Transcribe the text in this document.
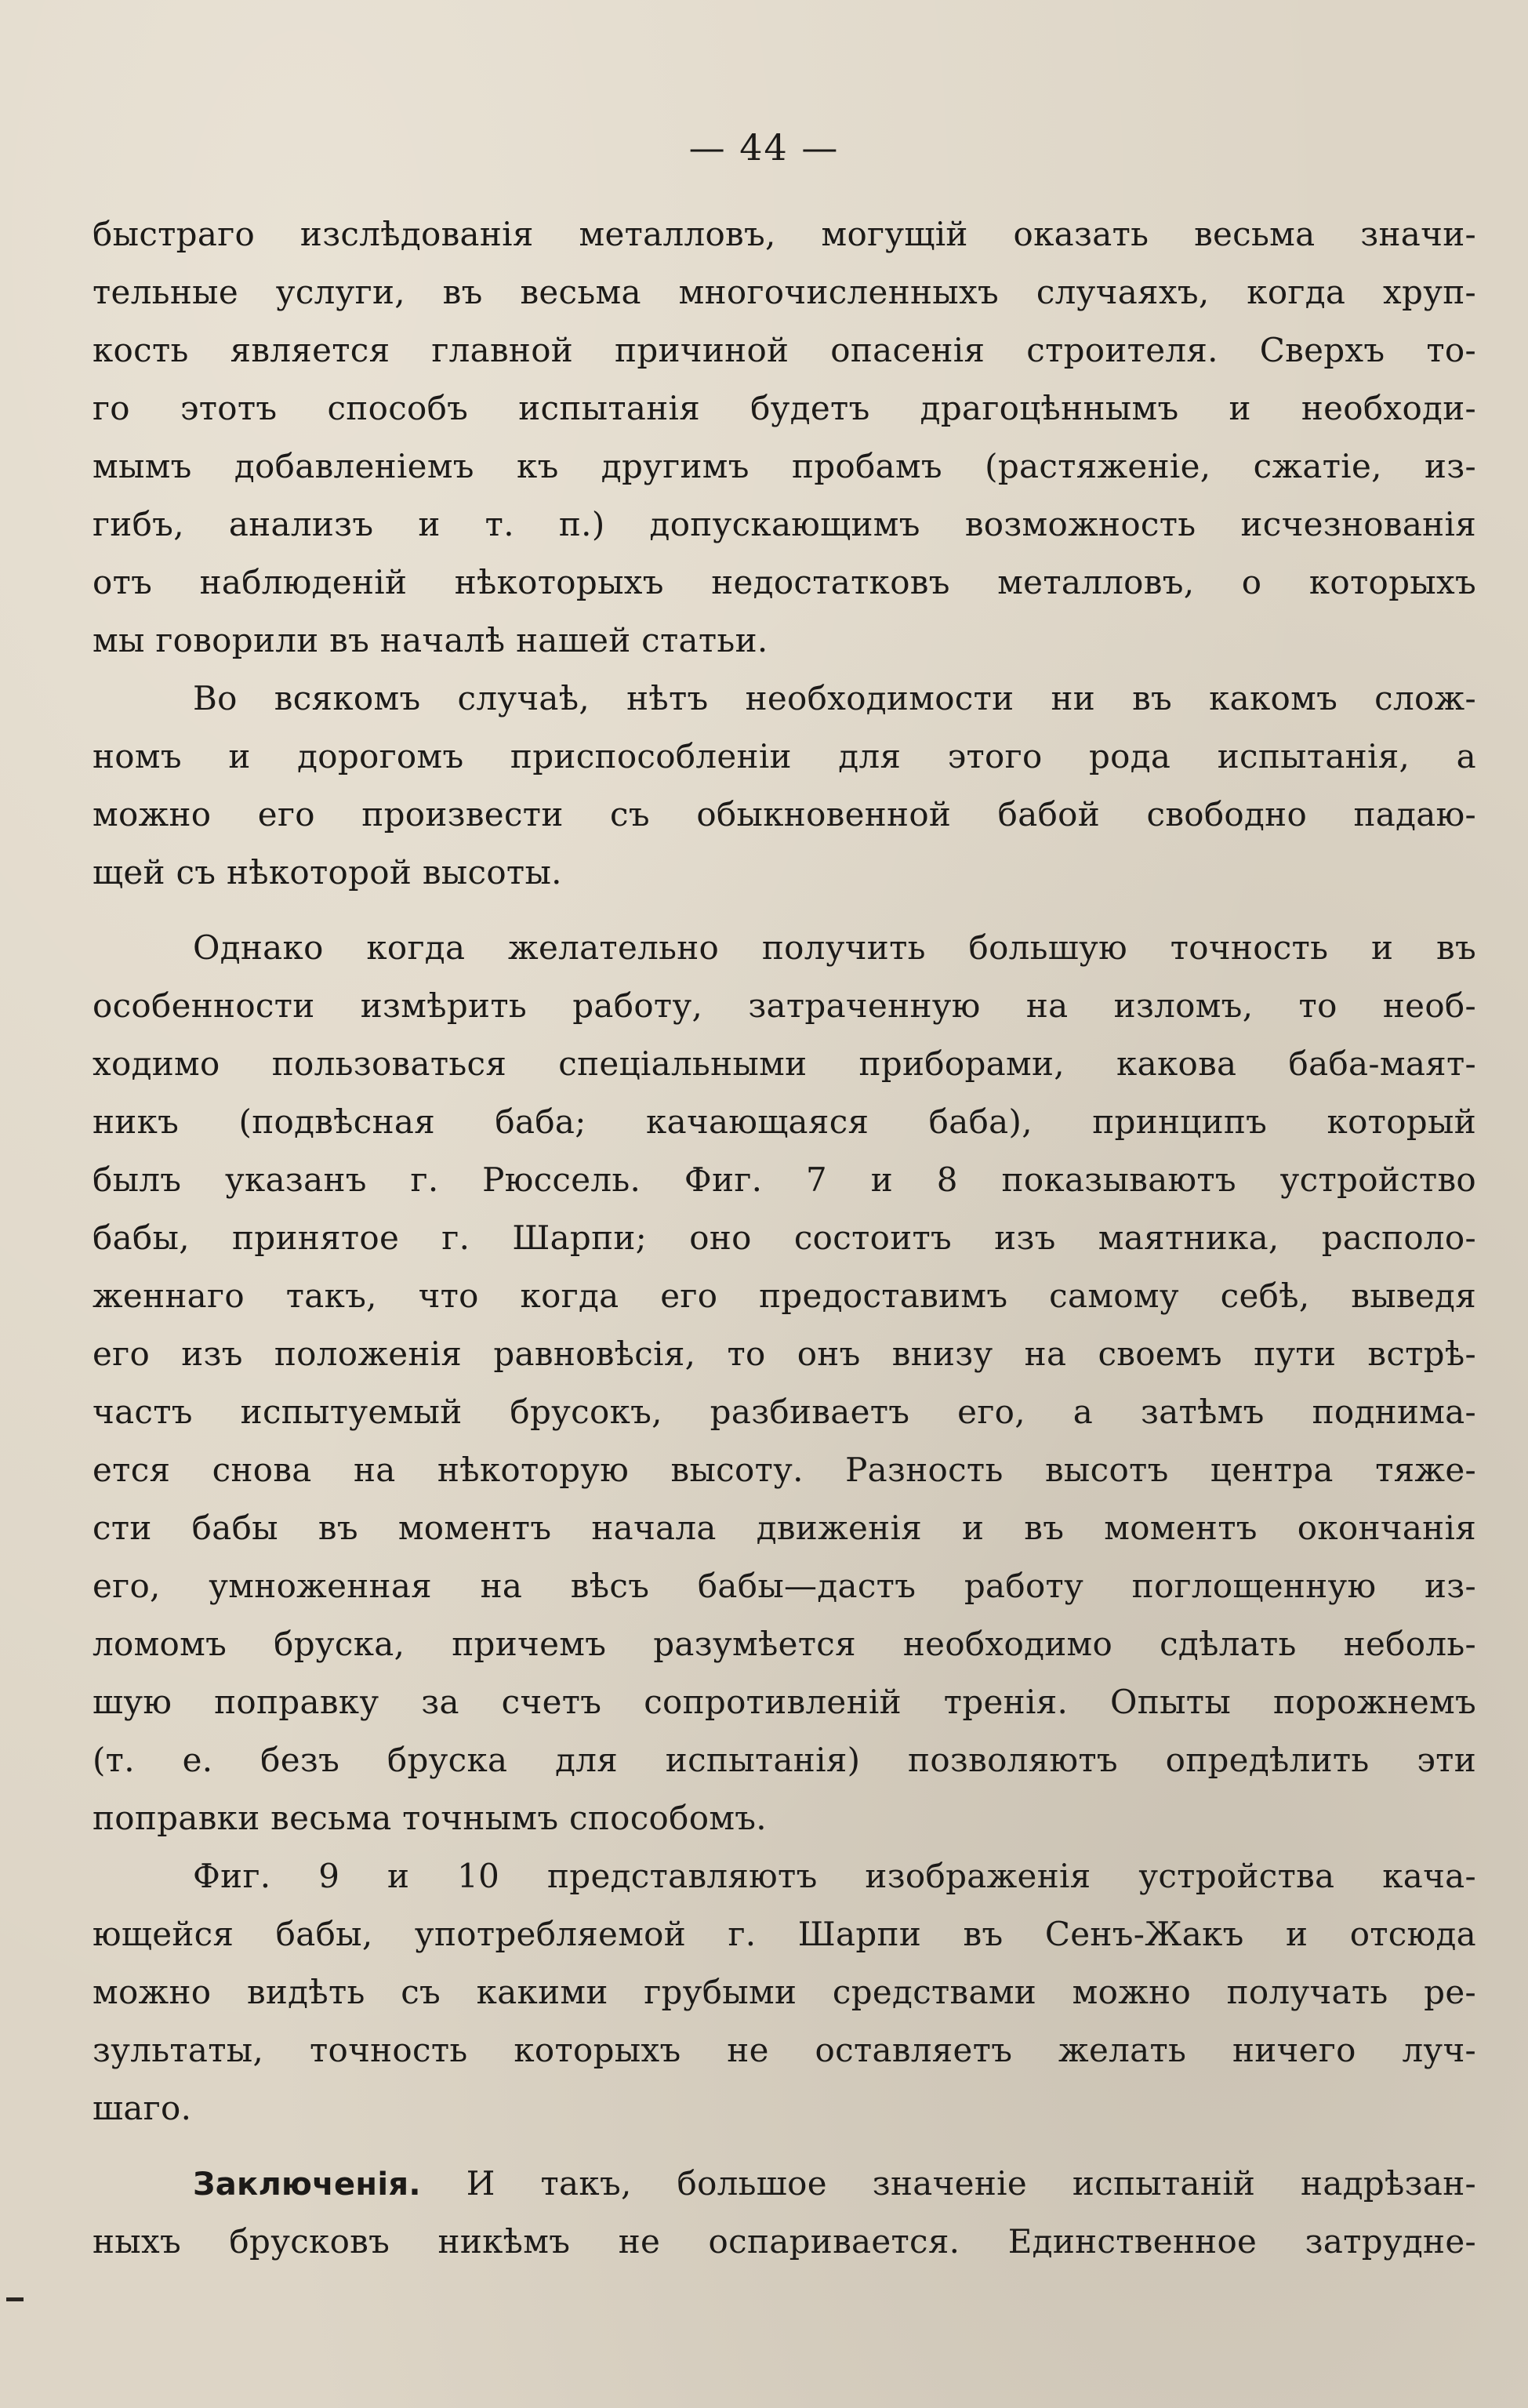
— 44 —
быстраго изслѣдованія металловъ, могущій оказать весьма значи-
тельные услуги, въ весьма многочисленныхъ случаяхъ, когда хруп-
кость является главной причиной опасенія строителя. Сверхъ то-
го этотъ способъ испытанія будетъ драгоцѣннымъ и необходи-
мымъ добавленіемъ къ другимъ пробамъ (растяженіе, сжатіе, из-
гибъ, анализъ и т. п.) допускающимъ возможность исчезнованія
отъ наблюденій нѣкоторыхъ недостатковъ металловъ, о которыхъ
мы говорили въ началѣ нашей статьи.
Во всякомъ случаѣ, нѣтъ необходимости ни въ какомъ слож-
номъ и дорогомъ приспособленіи для этого рода испытанія, а
можно его произвести съ обыкновенной бабой свободно падаю-
щей съ нѣкоторой высоты.
Однако когда желательно получить большую точность и въ
особенности измѣрить работу, затраченную на изломъ, то необ-
ходимо пользоваться спеціальными приборами, какова баба-маят-
никъ (подвѣсная баба; качающаяся баба), принципъ который
былъ указанъ г. Рюссель. Фиг. 7 и 8 показываютъ устройство
бабы, принятое г. Шарпи; оно состоитъ изъ маятника, располо-
женнаго такъ, что когда его предоставимъ самому себѣ, выведя
его изъ положенія равновѣсія, то онъ внизу на своемъ пути встрѣ-
частъ испытуемый брусокъ, разбиваетъ его, а затѣмъ поднима-
ется снова на нѣкоторую высоту. Разность высотъ центра тяже-
сти бабы въ моментъ начала движенія и въ моментъ окончанія
его, умноженная на вѣсъ бабы—дастъ работу поглощенную из-
ломомъ бруска, причемъ разумѣется необходимо сдѣлать неболь-
шую поправку за счетъ сопротивленій тренія. Опыты порожнемъ
(т. е. безъ бруска для испытанія) позволяютъ опредѣлить эти
поправки весьма точнымъ способомъ.
Фиг. 9 и 10 представляютъ изображенія устройства кача-
ющейся бабы, употребляемой г. Шарпи въ Сенъ-Жакъ и отсюда
можно видѣть съ какими грубыми средствами можно получать ре-
зультаты, точность которыхъ не оставляетъ желать ничего луч-
шаго.
Заключенія. И такъ, большое значеніе испытаній надрѣзан-
ныхъ брусковъ никѣмъ не оспаривается. Единственное затрудне-
